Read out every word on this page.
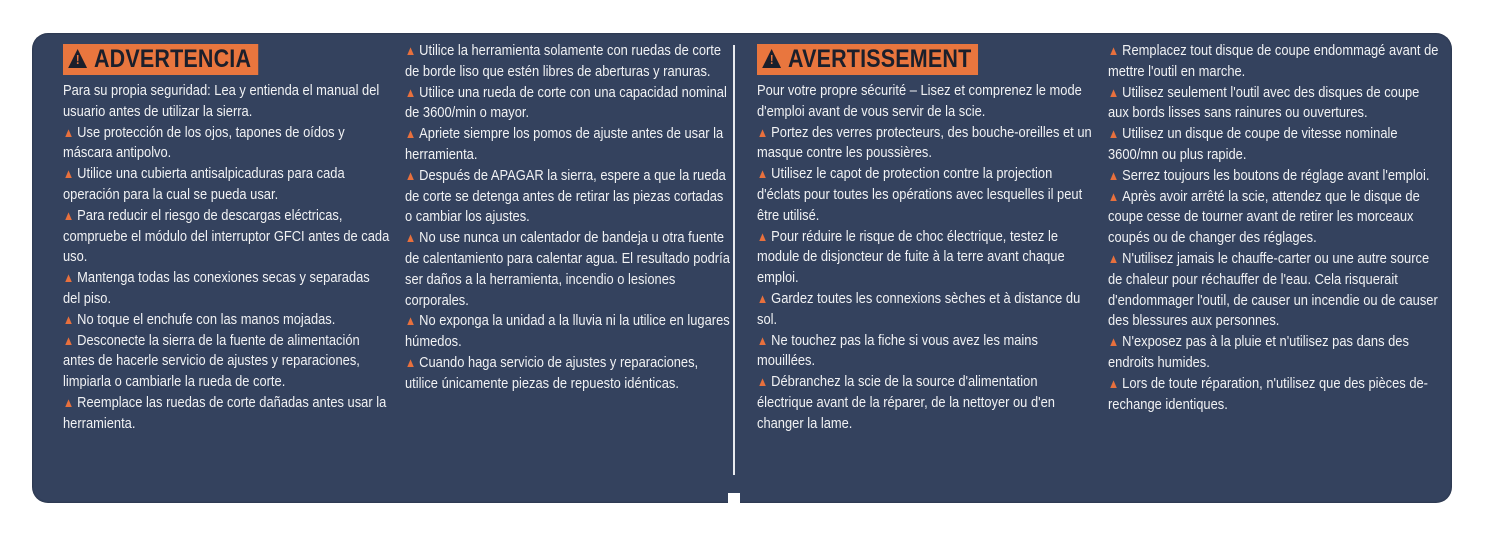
!ADVERTENCIA

Para su propia seguridad: Lea y entienda el manual del usuario antes de utilizar la sierra.

▲ Use protección de los ojos, tapones de oídos y máscara antipolvo.

▲ Utilice una cubierta antisalpicaduras para cada operación para la cual se pueda usar.

▲ Para reducir el riesgo de descargas eléctricas, compruebe el módulo del interruptor GFCI antes de cada uso.

▲ Mantenga todas las conexiones secas y separadas del piso.

▲ No toque el enchufe con las manos mojadas.

▲ Desconecte la sierra de la fuente de alimentación antes de hacerle servicio de ajustes y reparaciones, limpiarla o cambiarle la rueda de corte.

▲ Reemplace las ruedas de corte dañadas antes usar la herramienta.

▲ Utilice la herramienta solamente con ruedas de corte de borde liso que estén libres de aberturas y ranuras.

▲ Utilice una rueda de corte con una capacidad nominal de 3600/min o mayor.

▲ Apriete siempre los pomos de ajuste antes de usar la herramienta.

▲ Después de APAGAR la sierra, espere a que la rueda de corte se detenga antes de retirar las piezas cortadas o cambiar los ajustes.

▲ No use nunca un calentador de bandeja u otra fuente de calentamiento para calentar agua. El resultado podría ser daños a la herramienta, incendio o lesiones corporales.

▲ No exponga la unidad a la lluvia ni la utilice en lugares húmedos.

▲ Cuando haga servicio de ajustes y reparaciones, utilice únicamente piezas de repuesto idénticas.

!AVERTISSEMENT

Pour votre propre sécurité – Lisez et comprenez le mode d'emploi avant de vous servir de la scie.

▲ Portez des verres protecteurs, des bouche-oreilles et un masque contre les poussières.

▲ Utilisez le capot de protection contre la projection d'éclats pour toutes les opérations avec lesquelles il peut être utilisé.

▲ Pour réduire le risque de choc électrique, testez le module de disjoncteur de fuite à la terre avant chaque emploi.

▲ Gardez toutes les connexions sèches et à distance du sol.

▲ Ne touchez pas la fiche si vous avez les mains mouillées.

▲ Débranchez la scie de la source d'alimentation électrique avant de la réparer, de la nettoyer ou d'en changer la lame.

▲ Remplacez tout disque de coupe endommagé avant de mettre l'outil en marche.

▲ Utilisez seulement l'outil avec des disques de coupe aux bords lisses sans rainures ou ouvertures.

▲ Utilisez un disque de coupe de vitesse nominale 3600/mn ou plus rapide.

▲ Serrez toujours les boutons de réglage avant l'emploi.

▲ Après avoir arrêté la scie, attendez que le disque de coupe cesse de tourner avant de retirer les morceaux coupés ou de changer des réglages.

▲ N'utilisez jamais le chauffe-carter ou une autre source de chaleur pour réchauffer de l'eau. Cela risquerait d'endommager l'outil, de causer un incendie ou de causer des blessures aux personnes.

▲ N'exposez pas à la pluie et n'utilisez pas dans des endroits humides.

▲ Lors de toute réparation, n'utilisez que des pièces de-rechange identiques.
